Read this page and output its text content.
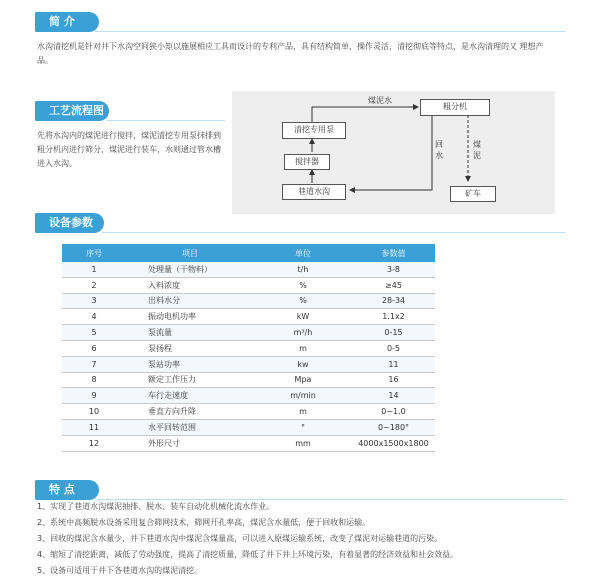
简 介
水沟清挖机是针对井下水沟空间狭小矩以施展相应工具而设计的专利产品，具有结构简单，操作灵活，清挖彻底等特点，是水沟清理的又 理想产品。
工艺流程图
先将水沟内的煤泥进行搅拌，煤泥清挖专用泵抹排到粗分机内进行筛分，煤泥进行装车，水则通过管水槽进入水沟。
清挖专用泵
搅拌器
巷道水沟
粗分机
矿车
煤泥水
回水
煤泥
设备参数
序号	项目	单位	参数值
1	处理量（干物料）	t/h	3-8
2	入料浓度	%	≥45
3	出料水分	%	28-34
4	振动电机功率	kW	1.1x2
5	泵流量	m³/h	0-15
6	泵扬程	m	0-5
7	泵站功率	kw	11
8	额定工作压力	Mpa	16
9	车行走速度	m/min	14
10	垂直方向升降	m	0~1.0
11	水平回转范围	°	0~180°
12	外形尺寸	mm	4000x1500x1800
特 点
1、实现了巷道水沟煤泥抽排、脱水、装车自动化机械化流水作业。
2、系统中高频脱水设备采用复合筛网技术，筛网开孔率高，煤泥含水量低，便于回收和运输。
3、回收的煤泥含水量少，井下巷道水沟中煤泥含煤量高，可以进入原煤运输系统，改变了煤泥对运输巷道的污染。
4、缩短了清挖距离，减低了劳动强度，提高了清挖质量，降低了井下井上环境污染，有着显著的经济效益和社会效益。
5、设备可适用于井下各巷道水沟的煤泥清挖。
